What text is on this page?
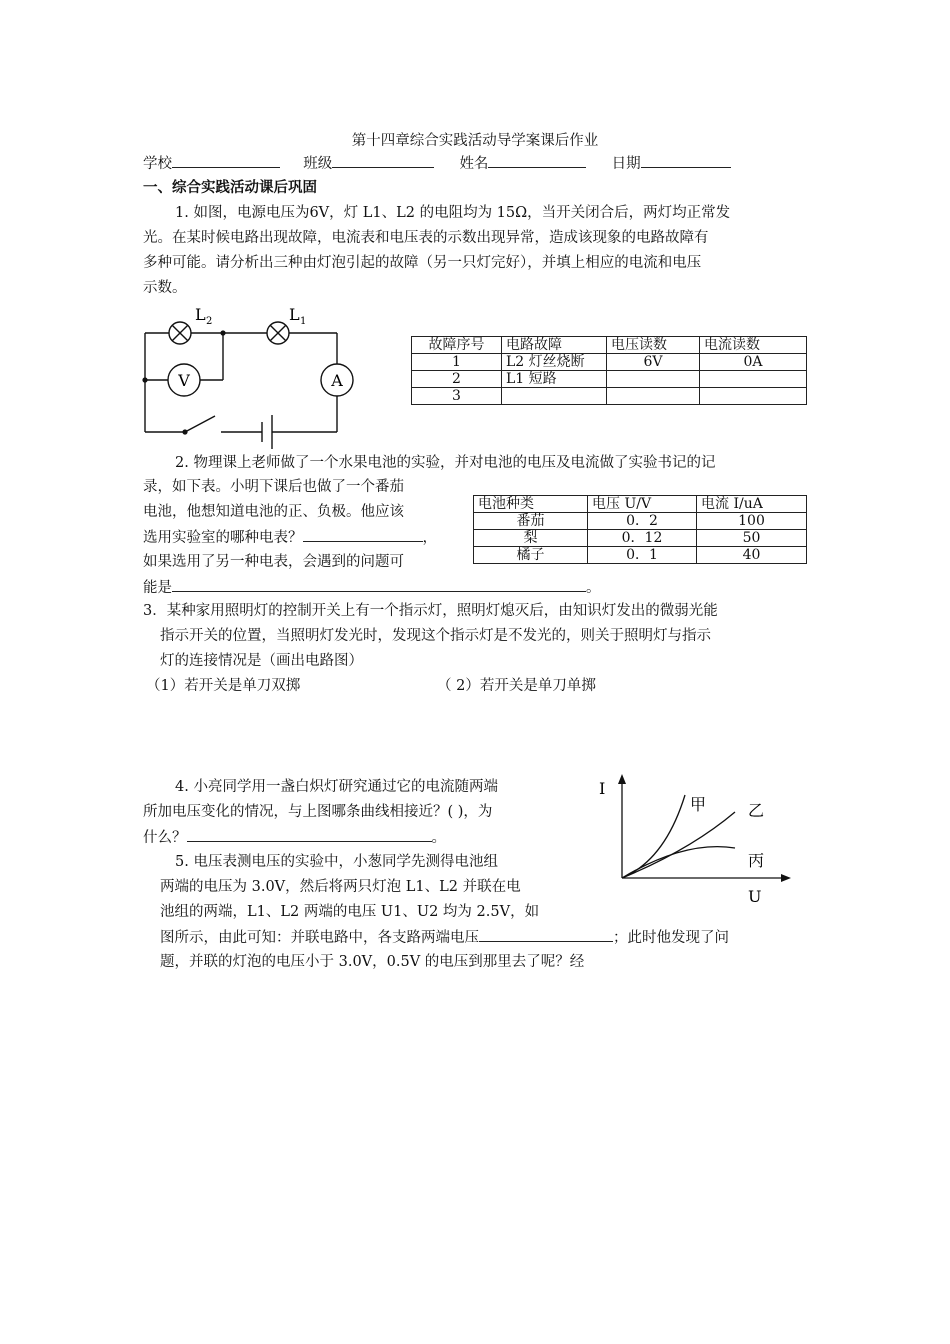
第十四章综合实践活动导学案课后作业
学校	班级	姓名	日期
一、综合实践活动课后巩固
1. 如图，电源电压为6V，灯 L1、L2 的电阻均为 15Ω，当开关闭合后，两灯均正常发
光。在某时候电路出现故障，电流表和电压表的示数出现异常，造成该现象的电路故障有
多种可能。请分析出三种由灯泡引起的故障（另一只灯完好），并填上相应的电流和电压
示数。
V	A
L 2	L 1
故障序号	电路故障	电压读数	电流读数
1	L2 灯丝烧断	6V	0A
2	L1 短路		
3			
2. 物理课上老师做了一个水果电池的实验，并对电池的电压及电流做了实验书记的记
录，如下表。小明下课后也做了一个番茄
电池，他想知道电池的正、负极。他应该
选用实验室的哪种电表？	，
如果选用了另一种电表，会遇到的问题可
能是	。
电池种类	电压 U/V	电流 I/uA
番茄	0．2	100
梨	0．12	50
橘子	0．1	40
3．某种家用照明灯的控制开关上有一个指示灯，照明灯熄灭后，由知识灯发出的微弱光能
指示开关的位置，当照明灯发光时，发现这个指示灯是不发光的，则关于照明灯与指示
灯的连接情况是（画出电路图）
（1）若开关是单刀双掷	（ 2）若开关是单刀单掷
4. 小亮同学用一盏白炽灯研究通过它的电流随两端
所加电压变化的情况，与上图哪条曲线相接近？( )，为
什么？	。
5. 电压表测电压的实验中，小葱同学先测得电池组
两端的电压为 3.0V，然后将两只灯泡 L1、L2 并联在电
池组的两端，L1、L2 两端的电压 U1、U2 均为 2.5V，如
图所示，由此可知：并联电路中，各支路两端电压	；此时他发现了问
题，并联的灯泡的电压小于 3.0V，0.5V 的电压到那里去了呢？经
I
U
甲	乙
丙
